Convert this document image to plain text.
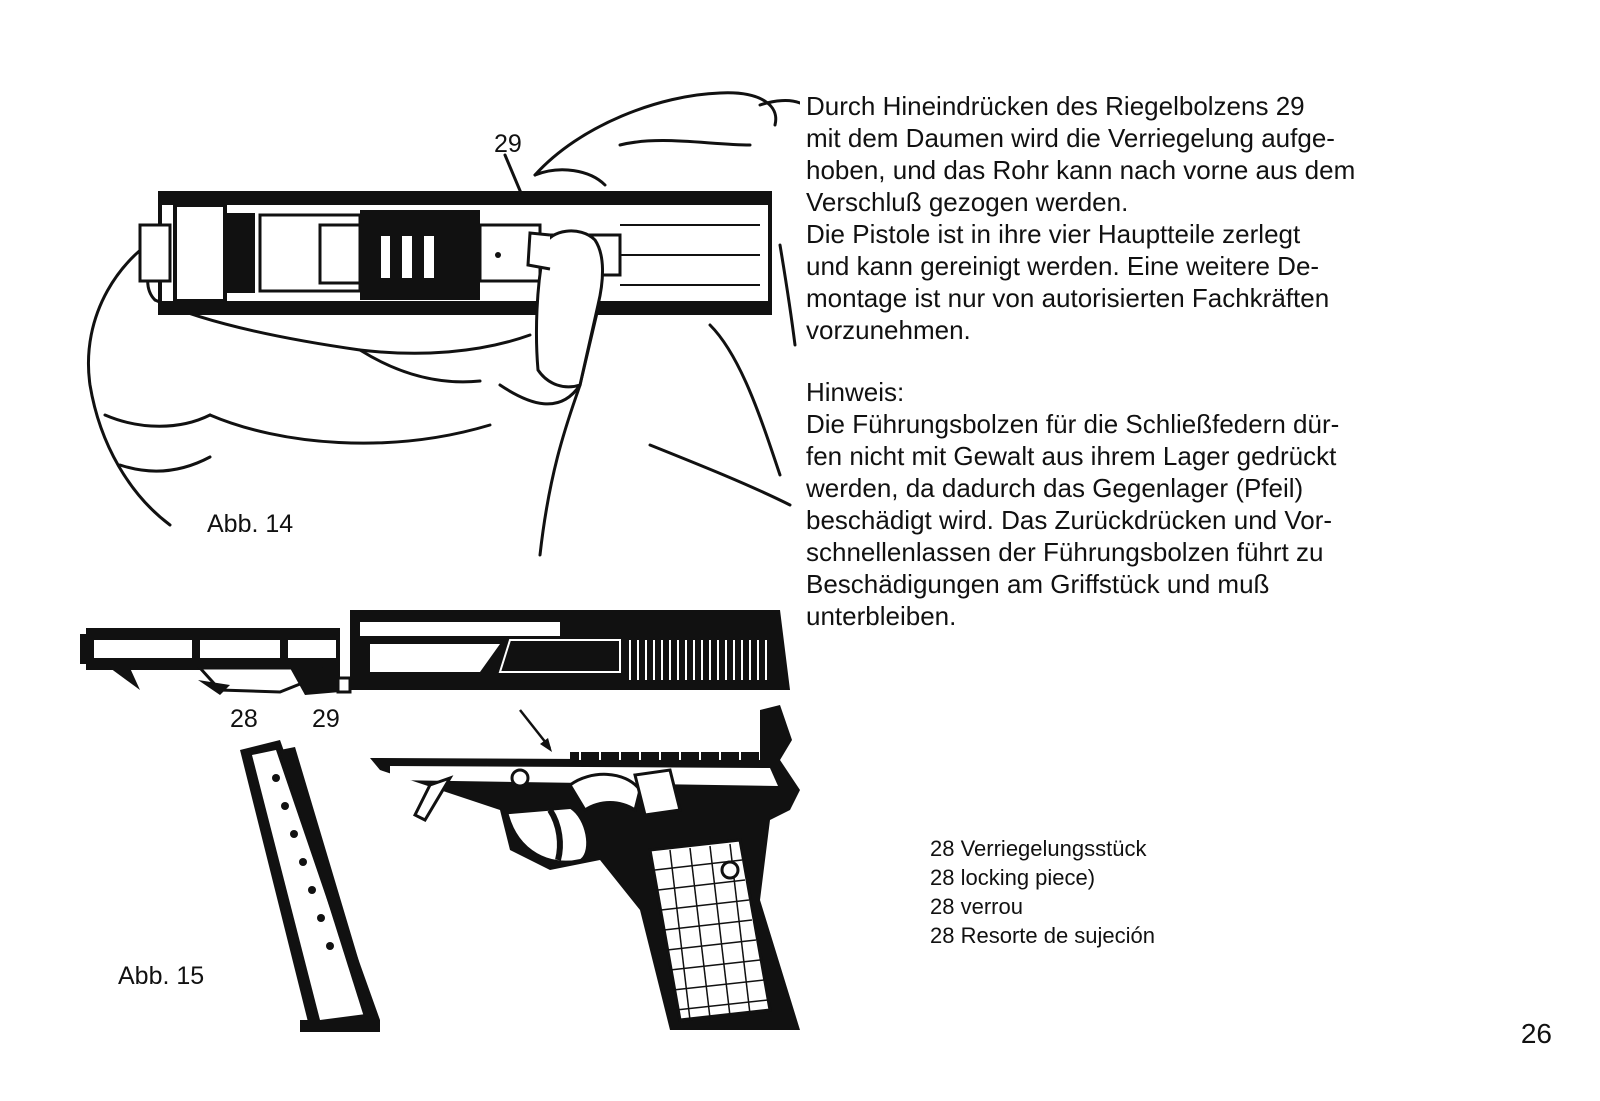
29
Abb. 14
28 29
Abb. 15

Durch Hineindrücken des Riegelbolzens 29
mit dem Daumen wird die Verriegelung aufge-
hoben, und das Rohr kann nach vorne aus dem
Verschluß gezogen werden.

Die Pistole ist in ihre vier Hauptteile zerlegt
und kann gereinigt werden. Eine weitere De-
montage ist nur von autorisierten Fachkräften
vorzunehmen.

Hinweis:

Die Führungsbolzen für die Schließfedern dür-
fen nicht mit Gewalt aus ihrem Lager gedrückt
werden, da dadurch das Gegenlager (Pfeil)
beschädigt wird. Das Zurückdrücken und Vor-
schnellenlassen der Führungsbolzen führt zu
Beschädigungen am Griffstück und muß
unterbleiben.

28 Verriegelungsstück
28 locking piece)
28 verrou
28 Resorte de sujeción
26
